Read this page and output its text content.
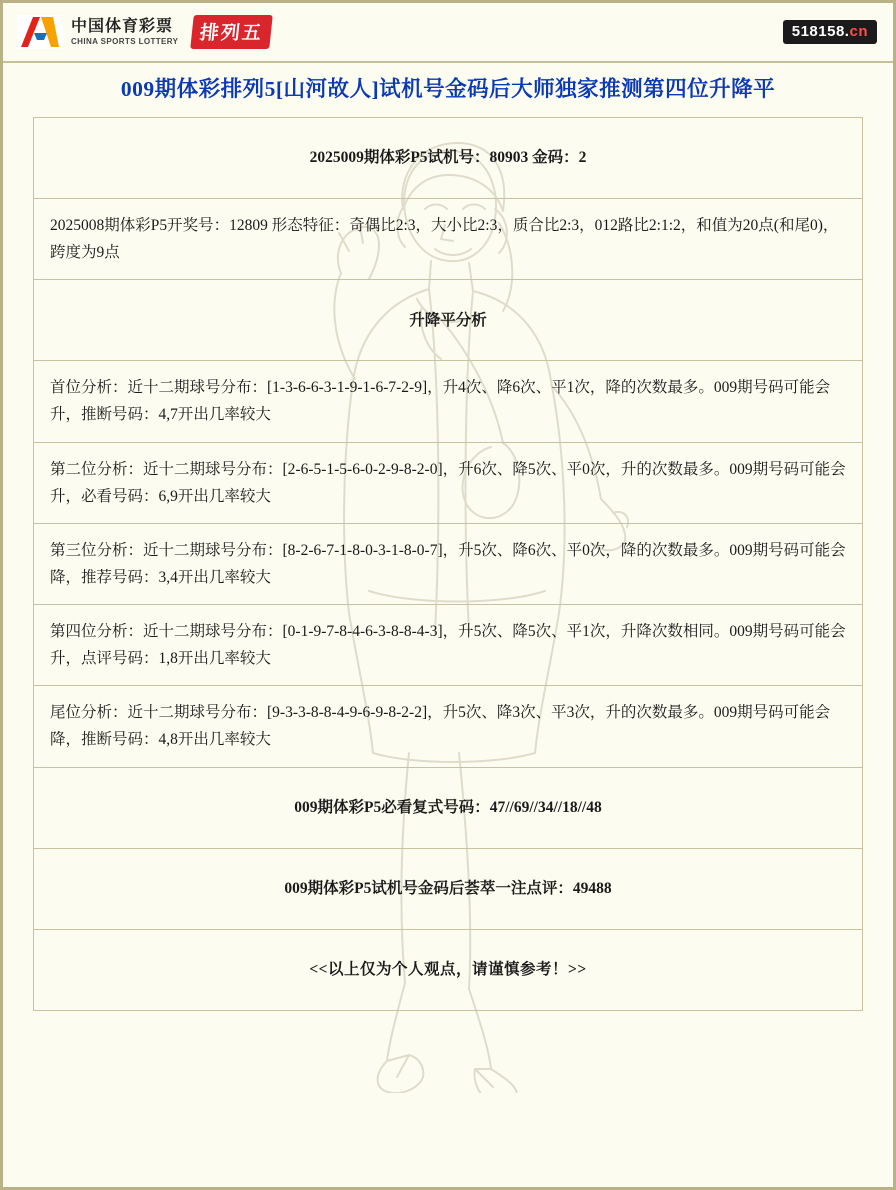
中国体育彩票
CHINA SPORTS LOTTERY	排列五	518158.cn
009期体彩排列5[山河故人]试机号金码后大师独家推测第四位升降平
2025009期体彩P5试机号：80903 金码：2
2025008期体彩P5开奖号：12809 形态特征：奇偶比2:3，大小比2:3，质合比2:3，012路比2:1:2，和值为20点(和尾0)，跨度为9点
升降平分析
首位分析：近十二期球号分布：[1-3-6-6-3-1-9-1-6-7-2-9]，升4次、降6次、平1次，降的次数最多。009期号码可能会升，推断号码：4,7开出几率较大
第二位分析：近十二期球号分布：[2-6-5-1-5-6-0-2-9-8-2-0]，升6次、降5次、平0次，升的次数最多。009期号码可能会升，必看号码：6,9开出几率较大
第三位分析：近十二期球号分布：[8-2-6-7-1-8-0-3-1-8-0-7]，升5次、降6次、平0次，降的次数最多。009期号码可能会降，推荐号码：3,4开出几率较大
第四位分析：近十二期球号分布：[0-1-9-7-8-4-6-3-8-8-4-3]，升5次、降5次、平1次，升降次数相同。009期号码可能会升，点评号码：1,8开出几率较大
尾位分析：近十二期球号分布：[9-3-3-8-8-4-9-6-9-8-2-2]，升5次、降3次、平3次，升的次数最多。009期号码可能会降，推断号码：4,8开出几率较大
009期体彩P5必看复式号码：47//69//34//18//48
009期体彩P5试机号金码后荟萃一注点评：49488
<<以上仅为个人观点，请谨慎参考！>>
